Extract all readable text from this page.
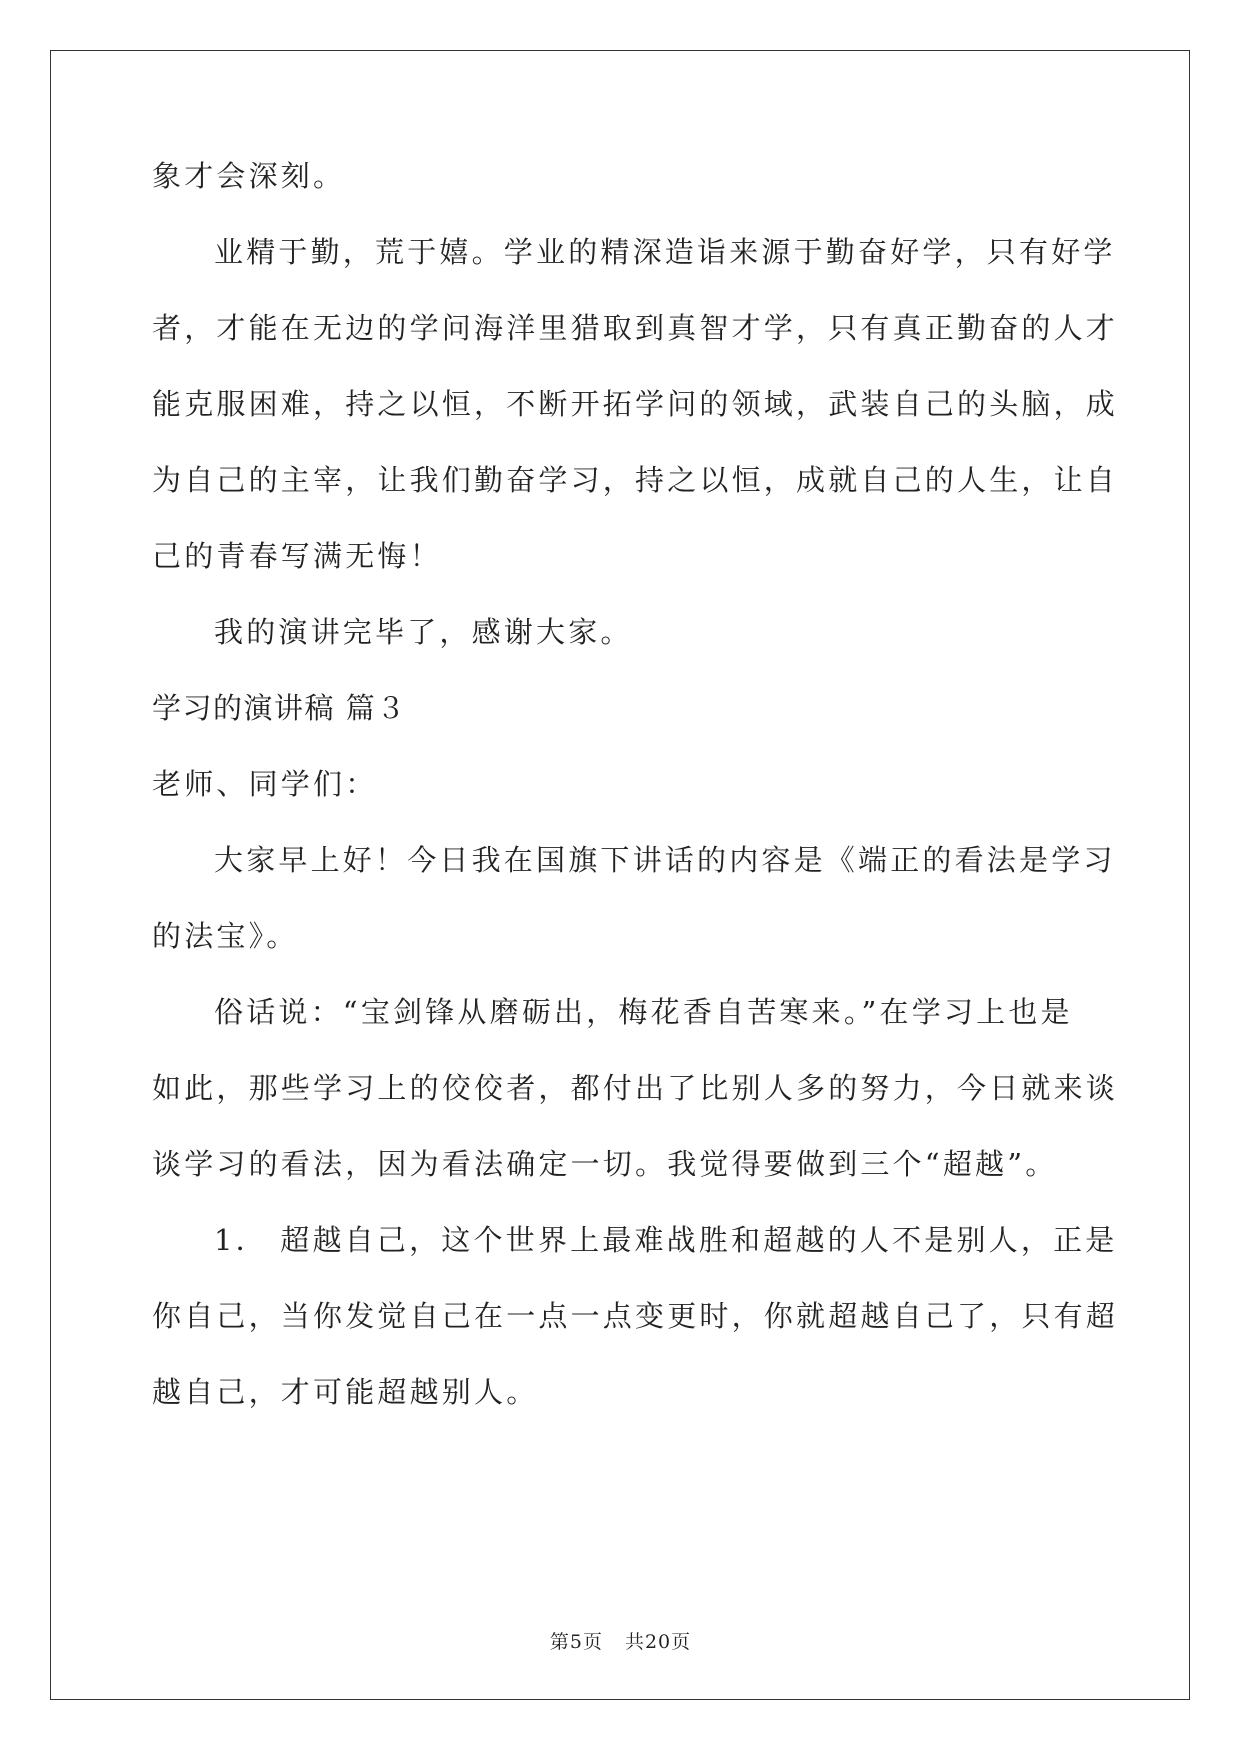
象才会深刻。
业精于勤，荒于嬉。学业的精深造诣来源于勤奋好学，只有好学
者，才能在无边的学问海洋里猎取到真智才学，只有真正勤奋的人才
能克服困难，持之以恒，不断开拓学问的领域，武装自己的头脑，成
为自己的主宰，让我们勤奋学习，持之以恒，成就自己的人生，让自
己的青春写满无悔！
我的演讲完毕了，感谢大家。
学习的演讲稿 篇３
老师、同学们：
大家早上好！今日我在国旗下讲话的内容是《端正的看法是学习
的法宝》。
俗话说：“宝剑锋从磨砺出，梅花香自苦寒来。”在学习上也是
如此，那些学习上的佼佼者，都付出了比别人多的努力，今日就来谈
谈学习的看法，因为看法确定一切。我觉得要做到三个“超越”。
1． 超越自己，这个世界上最难战胜和超越的人不是别人，正是
你自己，当你发觉自己在一点一点变更时，你就超越自己了，只有超
越自己，才可能超越别人。
第5页 共20页
